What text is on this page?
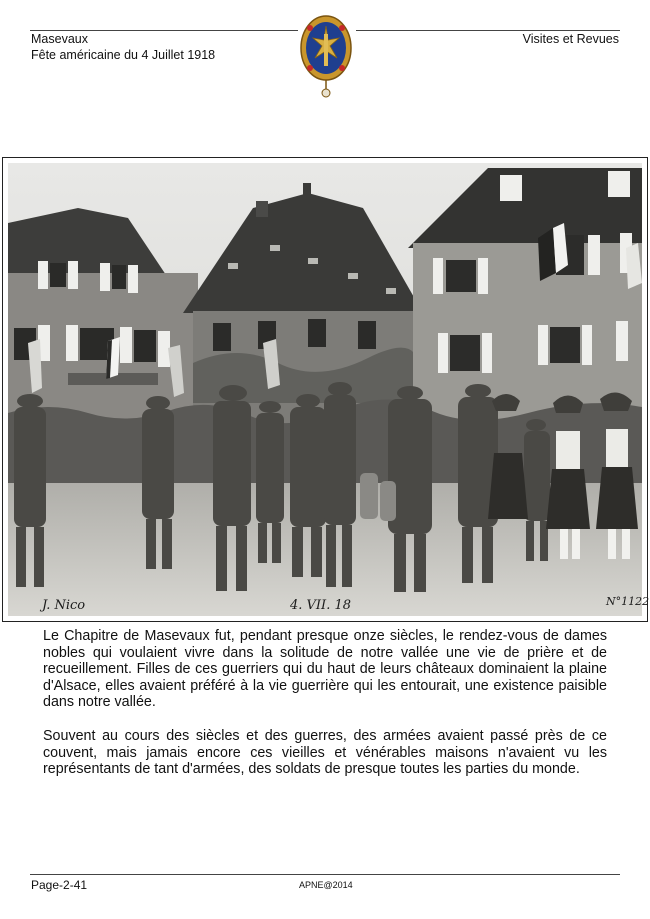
Masevaux
Fête américaine du 4 Juillet 1918
Visites et Revues
J. Nico	4. VII. 18	N°1122

Le Chapitre de Masevaux fut, pendant presque onze siècles, le rendez-vous de dames nobles qui voulaient vivre dans la solitude de notre vallée une vie de prière et de recueillement. Filles de ces guerriers qui du haut de leurs châteaux dominaient la plaine d'Alsace, elles avaient préféré à la vie guerrière qui les entourait, une existence paisible dans notre vallée.

Souvent au cours des siècles et des guerres, des armées avaient passé près de ce couvent, mais jamais encore ces vieilles et vénérables maisons n'avaient vu les représentants de tant d'armées, des soldats de presque toutes les parties du monde.

Page-2-41	APNE@2014
